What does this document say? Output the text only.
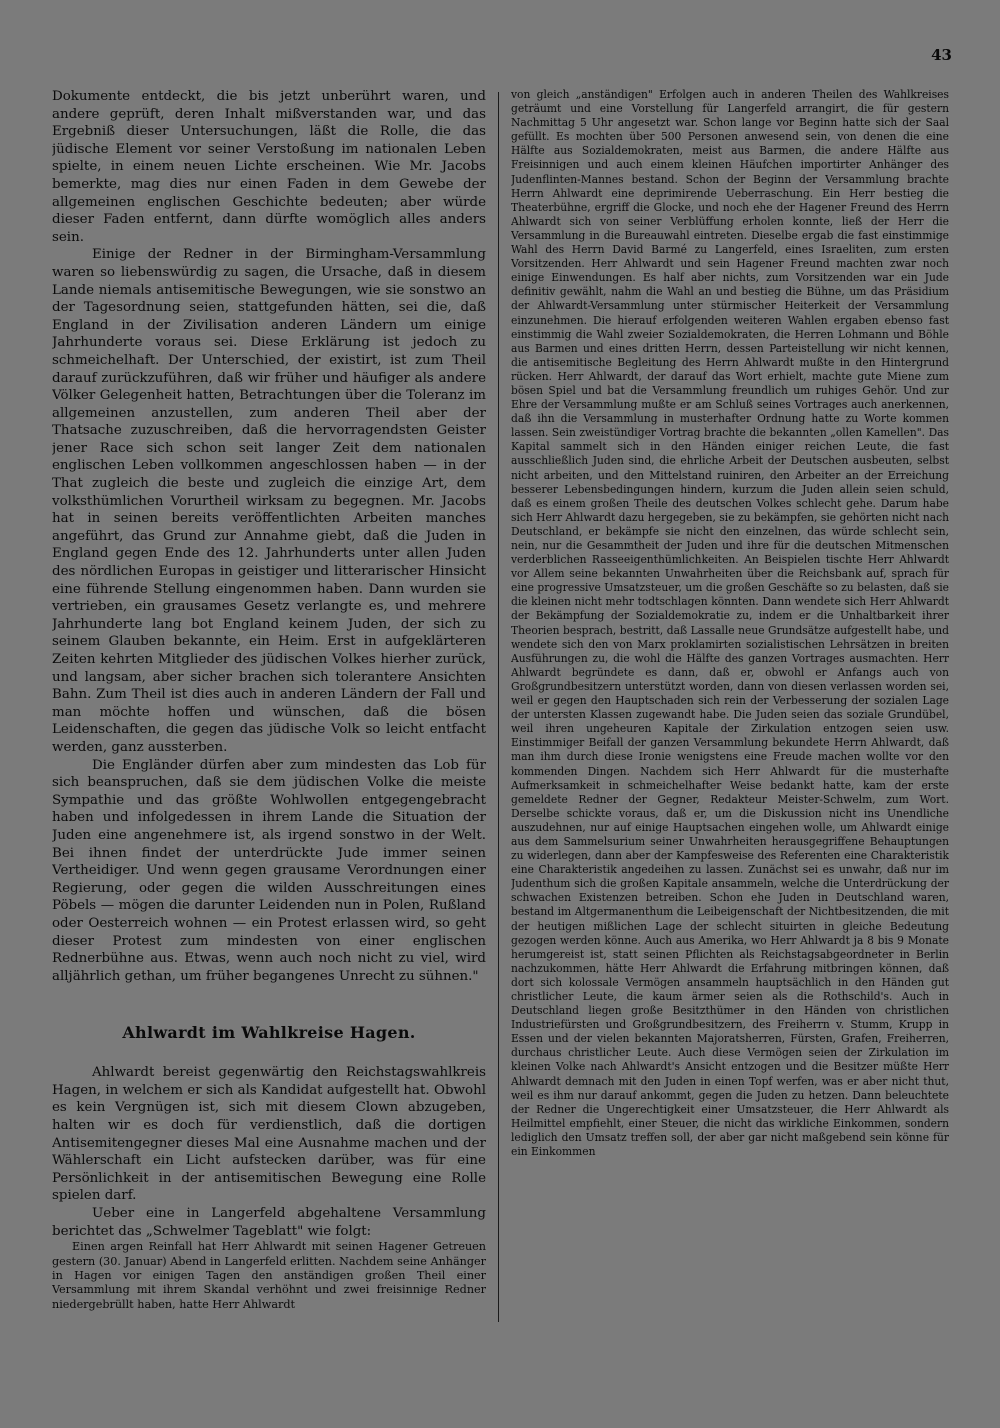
43

Dokumente entdeckt, die bis jetzt unberührt waren, und andere geprüft, deren Inhalt mißverstanden war, und das Ergebniß dieser Untersuchungen, läßt die Rolle, die das jüdische Element vor seiner Verstoßung im nationalen Leben spielte, in einem neuen Lichte erscheinen. Wie Mr. Jacobs bemerkte, mag dies nur einen Faden in dem Gewebe der allgemeinen englischen Geschichte bedeuten; aber würde dieser Faden entfernt, dann dürfte womöglich alles anders sein.

Einige der Redner in der Birmingham-Versammlung waren so liebenswürdig zu sagen, die Ursache, daß in diesem Lande niemals antisemitische Bewegungen, wie sie sonstwo an der Tagesordnung seien, stattgefunden hätten, sei die, daß England in der Zivilisation anderen Ländern um einige Jahrhunderte voraus sei. Diese Erklärung ist jedoch zu schmeichelhaft. Der Unterschied, der existirt, ist zum Theil darauf zurückzuführen, daß wir früher und häufiger als andere Völker Gelegenheit hatten, Betrachtungen über die Toleranz im allgemeinen anzustellen, zum anderen Theil aber der Thatsache zuzuschreiben, daß die hervorragendsten Geister jener Race sich schon seit langer Zeit dem nationalen englischen Leben vollkommen angeschlossen haben — in der That zugleich die beste und zugleich die einzige Art, dem volksthümlichen Vorurtheil wirksam zu begegnen. Mr. Jacobs hat in seinen bereits veröffentlichten Arbeiten manches angeführt, das Grund zur Annahme giebt, daß die Juden in England gegen Ende des 12. Jahrhunderts unter allen Juden des nördlichen Europas in geistiger und litterarischer Hinsicht eine führende Stellung eingenommen haben. Dann wurden sie vertrieben, ein grausames Gesetz verlangte es, und mehrere Jahrhunderte lang bot England keinem Juden, der sich zu seinem Glauben bekannte, ein Heim. Erst in aufgeklärteren Zeiten kehrten Mitglieder des jüdischen Volkes hierher zurück, und langsam, aber sicher brachen sich tolerantere Ansichten Bahn. Zum Theil ist dies auch in anderen Ländern der Fall und man möchte hoffen und wünschen, daß die bösen Leidenschaften, die gegen das jüdische Volk so leicht entfacht werden, ganz aussterben.

Die Engländer dürfen aber zum mindesten das Lob für sich beanspruchen, daß sie dem jüdischen Volke die meiste Sympathie und das größte Wohlwollen entgegengebracht haben und infolgedessen in ihrem Lande die Situation der Juden eine angenehmere ist, als irgend sonstwo in der Welt. Bei ihnen findet der unterdrückte Jude immer seinen Vertheidiger. Und wenn gegen grausame Verordnungen einer Regierung, oder gegen die wilden Ausschreitungen eines Pöbels — mögen die darunter Leidenden nun in Polen, Rußland oder Oesterreich wohnen — ein Protest erlassen wird, so geht dieser Protest zum mindesten von einer englischen Rednerbühne aus. Etwas, wenn auch noch nicht zu viel, wird alljährlich gethan, um früher begangenes Unrecht zu sühnen."

Ahlwardt im Wahlkreise Hagen.

Ahlwardt bereist gegenwärtig den Reichstagswahlkreis Hagen, in welchem er sich als Kandidat aufgestellt hat. Obwohl es kein Vergnügen ist, sich mit diesem Clown abzugeben, halten wir es doch für verdienstlich, daß die dortigen Antisemitengegner dieses Mal eine Ausnahme machen und der Wählerschaft ein Licht aufstecken darüber, was für eine Persönlichkeit in der antisemitischen Bewegung eine Rolle spielen darf.

Ueber eine in Langerfeld abgehaltene Versammlung berichtet das „Schwelmer Tageblatt" wie folgt:

Einen argen Reinfall hat Herr Ahlwardt mit seinen Hagener Getreuen gestern (30. Januar) Abend in Langerfeld erlitten. Nachdem seine Anhänger in Hagen vor einigen Tagen den anständigen großen Theil einer Versammlung mit ihrem Skandal verhöhnt und zwei freisinnige Redner niedergebrüllt haben, hatte Herr Ahlwardt

von gleich „anständigen" Erfolgen auch in anderen Theilen des Wahlkreises geträumt und eine Vorstellung für Langerfeld arrangirt, die für gestern Nachmittag 5 Uhr angesetzt war. Schon lange vor Beginn hatte sich der Saal gefüllt. Es mochten über 500 Personen anwesend sein, von denen die eine Hälfte aus Sozialdemokraten, meist aus Barmen, die andere Hälfte aus Freisinnigen und auch einem kleinen Häufchen importirter Anhänger des Judenflinten-Mannes bestand. Schon der Beginn der Versammlung brachte Herrn Ahlwardt eine deprimirende Ueberraschung. Ein Herr bestieg die Theaterbühne, ergriff die Glocke, und noch ehe der Hagener Freund des Herrn Ahlwardt sich von seiner Verblüffung erholen konnte, ließ der Herr die Versammlung in die Bureauwahl eintreten. Dieselbe ergab die fast einstimmige Wahl des Herrn David Barmé zu Langerfeld, eines Israeliten, zum ersten Vorsitzenden. Herr Ahlwardt und sein Hagener Freund machten zwar noch einige Einwendungen. Es half aber nichts, zum Vorsitzenden war ein Jude definitiv gewählt, nahm die Wahl an und bestieg die Bühne, um das Präsidium der Ahlwardt-Versammlung unter stürmischer Heiterkeit der Versammlung einzunehmen. Die hierauf erfolgenden weiteren Wahlen ergaben ebenso fast einstimmig die Wahl zweier Sozialdemokraten, die Herren Lohmann und Böhle aus Barmen und eines dritten Herrn, dessen Parteistellung wir nicht kennen, die antisemitische Begleitung des Herrn Ahlwardt mußte in den Hintergrund rücken. Herr Ahlwardt, der darauf das Wort erhielt, machte gute Miene zum bösen Spiel und bat die Versammlung freundlich um ruhiges Gehör. Und zur Ehre der Versammlung mußte er am Schluß seines Vortrages auch anerkennen, daß ihn die Versammlung in musterhafter Ordnung hatte zu Worte kommen lassen. Sein zweistündiger Vortrag brachte die bekannten „ollen Kamellen". Das Kapital sammelt sich in den Händen einiger reichen Leute, die fast ausschließlich Juden sind, die ehrliche Arbeit der Deutschen ausbeuten, selbst nicht arbeiten, und den Mittelstand ruiniren, den Arbeiter an der Erreichung besserer Lebensbedingungen hindern, kurzum die Juden allein seien schuld, daß es einem großen Theile des deutschen Volkes schlecht gehe. Darum habe sich Herr Ahlwardt dazu hergegeben, sie zu bekämpfen, sie gehörten nicht nach Deutschland, er bekämpfe sie nicht den einzelnen, das würde schlecht sein, nein, nur die Gesammtheit der Juden und ihre für die deutschen Mitmenschen verderblichen Rasseeigenthümlichkeiten. An Beispielen tischte Herr Ahlwardt vor Allem seine bekannten Unwahrheiten über die Reichsbank auf, sprach für eine progressive Umsatzsteuer, um die großen Geschäfte so zu belasten, daß sie die kleinen nicht mehr todtschlagen könnten. Dann wendete sich Herr Ahlwardt der Bekämpfung der Sozialdemokratie zu, indem er die Unhaltbarkeit ihrer Theorien besprach, bestritt, daß Lassalle neue Grundsätze aufgestellt habe, und wendete sich den von Marx proklamirten sozialistischen Lehrsätzen in breiten Ausführungen zu, die wohl die Hälfte des ganzen Vortrages ausmachten. Herr Ahlwardt begründete es dann, daß er, obwohl er Anfangs auch von Großgrundbesitzern unterstützt worden, dann von diesen verlassen worden sei, weil er gegen den Hauptschaden sich rein der Verbesserung der sozialen Lage der untersten Klassen zugewandt habe. Die Juden seien das soziale Grundübel, weil ihren ungeheuren Kapitale der Zirkulation entzogen seien usw. Einstimmiger Beifall der ganzen Versammlung bekundete Herrn Ahlwardt, daß man ihm durch diese Ironie wenigstens eine Freude machen wollte vor den kommenden Dingen. Nachdem sich Herr Ahlwardt für die musterhafte Aufmerksamkeit in schmeichelhafter Weise bedankt hatte, kam der erste gemeldete Redner der Gegner, Redakteur Meister-Schwelm, zum Wort. Derselbe schickte voraus, daß er, um die Diskussion nicht ins Unendliche auszudehnen, nur auf einige Hauptsachen eingehen wolle, um Ahlwardt einige aus dem Sammelsurium seiner Unwahrheiten herausgegriffene Behauptungen zu widerlegen, dann aber der Kampfesweise des Referenten eine Charakteristik eine Charakteristik angedeihen zu lassen. Zunächst sei es unwahr, daß nur im Judenthum sich die großen Kapitale ansammeln, welche die Unterdrückung der schwachen Existenzen betreiben. Schon ehe Juden in Deutschland waren, bestand im Altgermanenthum die Leibeigenschaft der Nichtbesitzenden, die mit der heutigen mißlichen Lage der schlecht situirten in gleiche Bedeutung gezogen werden könne. Auch aus Amerika, wo Herr Ahlwardt ja 8 bis 9 Monate herumgereist ist, statt seinen Pflichten als Reichstagsabgeordneter in Berlin nachzukommen, hätte Herr Ahlwardt die Erfahrung mitbringen können, daß dort sich kolossale Vermögen ansammeln hauptsächlich in den Händen gut christlicher Leute, die kaum ärmer seien als die Rothschild's. Auch in Deutschland liegen große Besitzthümer in den Händen von christlichen Industriefürsten und Großgrundbesitzern, des Freiherrn v. Stumm, Krupp in Essen und der vielen bekannten Majoratsherren, Fürsten, Grafen, Freiherren, durchaus christlicher Leute. Auch diese Vermögen seien der Zirkulation im kleinen Volke nach Ahlwardt's Ansicht entzogen und die Besitzer müßte Herr Ahlwardt demnach mit den Juden in einen Topf werfen, was er aber nicht thut, weil es ihm nur darauf ankommt, gegen die Juden zu hetzen. Dann beleuchtete der Redner die Ungerechtigkeit einer Umsatzsteuer, die Herr Ahlwardt als Heilmittel empfiehlt, einer Steuer, die nicht das wirkliche Einkommen, sondern lediglich den Umsatz treffen soll, der aber gar nicht maßgebend sein könne für ein Einkommen
